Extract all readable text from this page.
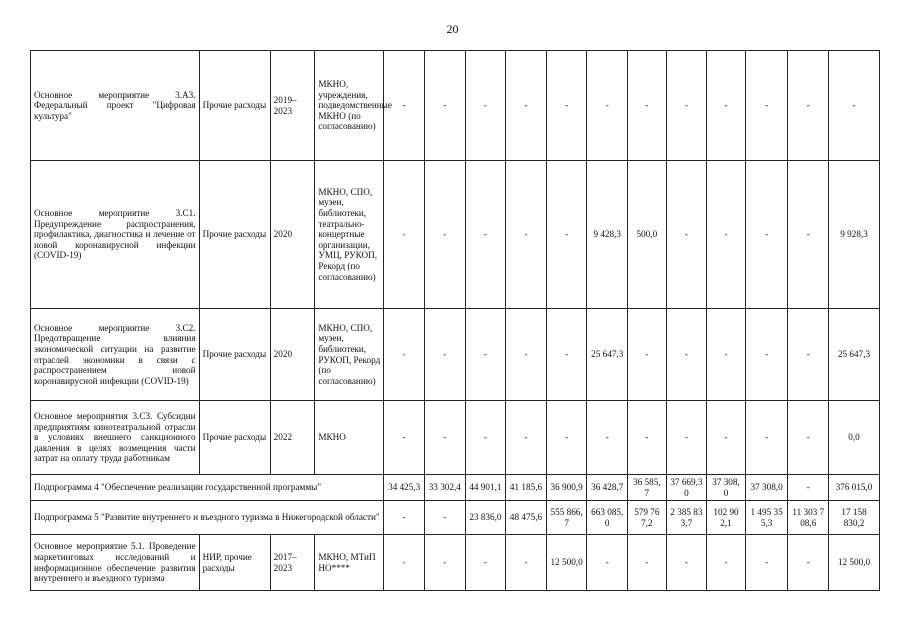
20
Основное мероприятие 3.А3. Федеральный проект "Цифровая культура"	Прочие расходы	2019–2023	МКНО, учреждения, подведомственные МКНО (по согласованию)	-	-	-	-	-	-	-	-	-	-	-	-
Основное мероприятие 3.С1. Предупреждение распространения, профилактика, диагностика и лечение от новой коронавирусной инфекции (COVID-19)	Прочие расходы	2020	МКНО, СПО, музеи, библиотеки, театрально-концертные организации, УМЦ, РУКОП, Рекорд (по согласованию)	-	-	-	-	-	9 428,3	500,0	-	-	-	-	9 928,3
Основное мероприятие 3.С2. Предотвращение влияния экономической ситуации на развитие отраслей экономики в связи с распространением новой коронавирусной инфекции (COVID-19)	Прочие расходы	2020	МКНО, СПО, музеи, библиотеки, РУКОП, Рекорд (по согласованию)	-	-	-	-	-	25 647,3	-	-	-	-	-	25 647,3
Основное мероприятия 3.С3. Субсидии предприятиям кинотеатральной отрасли в условиях внешнего санкционного давления в целях возмещения части затрат на оплату труда работникам	Прочие расходы	2022	МКНО	-	-	-	-	-	-	-	-	-	-	-	0,0
Подпрограмма 4 "Обеспечение реализации государственной программы"				34 425,3	33 302,4	44 901,1	41 185,6	36 900,9	36 428,7	36 585,7	37 669,30	37 308,0	37 308,0	-	376 015,0
Подпрограмма 5 "Развитие внутреннего и въездного туризма в Нижегородской области"				-	-	23 836,0	48 475,6	555 866,7	663 085,0	579 767,2	2 385 833,7	102 902,1	1 495 355,3	11 303 708,6	17 158 830,2
Основное мероприятие 5.1. Проведение маркетинговых исследований и информационное обеспечение развития внутреннего и въездного туризма	НИР, прочие расходы	2017–2023	МКНО, МТиП НО****	-	-	-	-	12 500,0	-	-	-	-	-	-	12 500,0
